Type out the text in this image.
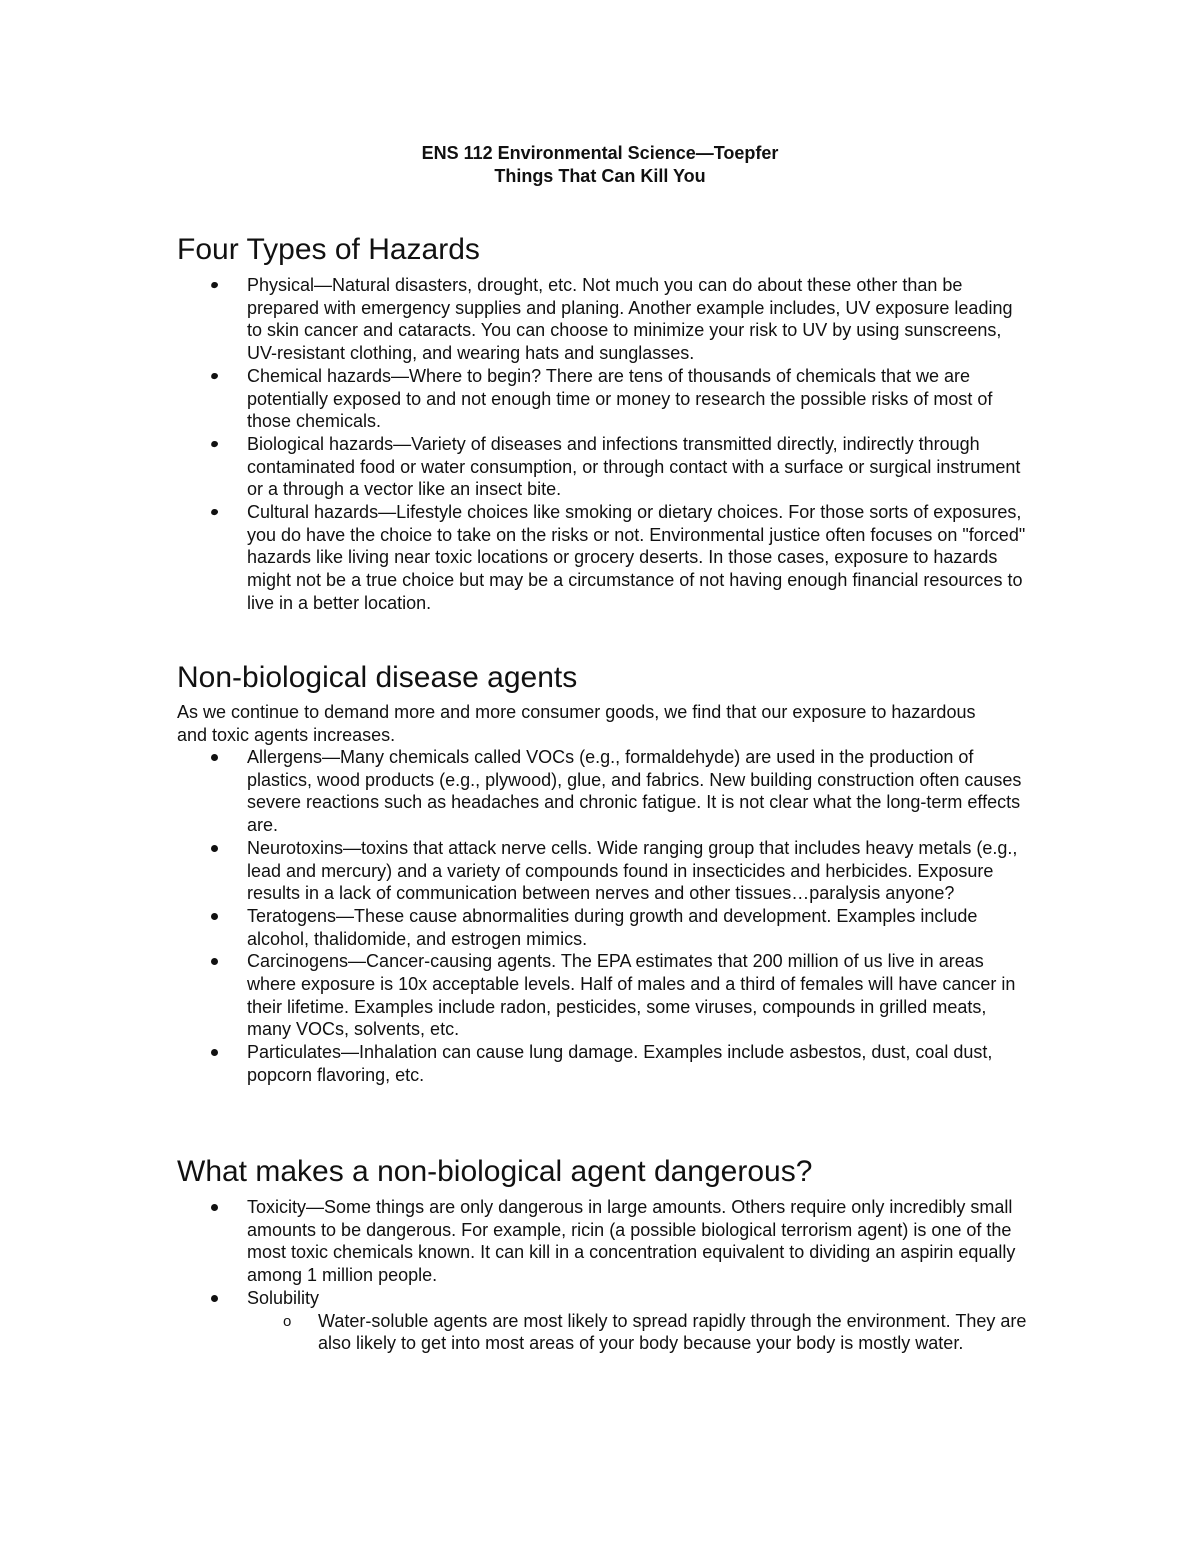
ENS 112 Environmental Science—Toepfer
Things That Can Kill You
Four Types of Hazards
Physical—Natural disasters, drought, etc. Not much you can do about these other than be prepared with emergency supplies and planing. Another example includes, UV exposure leading to skin cancer and cataracts. You can choose to minimize your risk to UV by using sunscreens, UV-resistant clothing, and wearing hats and sunglasses.
Chemical hazards—Where to begin? There are tens of thousands of chemicals that we are potentially exposed to and not enough time or money to research the possible risks of most of those chemicals.
Biological hazards—Variety of diseases and infections transmitted directly, indirectly through contaminated food or water consumption, or through contact with a surface or surgical instrument or a through a vector like an insect bite.
Cultural hazards—Lifestyle choices like smoking or dietary choices. For those sorts of exposures, you do have the choice to take on the risks or not. Environmental justice often focuses on "forced" hazards like living near toxic locations or grocery deserts. In those cases, exposure to hazards might not be a true choice but may be a circumstance of not having enough financial resources to live in a better location.
Non-biological disease agents

As we continue to demand more and more consumer goods, we find that our exposure to hazardous and toxic agents increases.

Allergens—Many chemicals called VOCs (e.g., formaldehyde) are used in the production of plastics, wood products (e.g., plywood), glue, and fabrics. New building construction often causes severe reactions such as headaches and chronic fatigue. It is not clear what the long-term effects are.
Neurotoxins—toxins that attack nerve cells. Wide ranging group that includes heavy metals (e.g., lead and mercury) and a variety of compounds found in insecticides and herbicides. Exposure results in a lack of communication between nerves and other tissues…paralysis anyone?
Teratogens—These cause abnormalities during growth and development. Examples include alcohol, thalidomide, and estrogen mimics.
Carcinogens—Cancer-causing agents. The EPA estimates that 200 million of us live in areas where exposure is 10x acceptable levels. Half of males and a third of females will have cancer in their lifetime. Examples include radon, pesticides, some viruses, compounds in grilled meats, many VOCs, solvents, etc.
Particulates—Inhalation can cause lung damage. Examples include asbestos, dust, coal dust, popcorn flavoring, etc.
What makes a non-biological agent dangerous?
Toxicity—Some things are only dangerous in large amounts. Others require only incredibly small amounts to be dangerous. For example, ricin (a possible biological terrorism agent) is one of the most toxic chemicals known. It can kill in a concentration equivalent to dividing an aspirin equally among 1 million people.
Solubility
o Water-soluble agents are most likely to spread rapidly through the environment. They are also likely to get into most areas of your body because your body is mostly water.
